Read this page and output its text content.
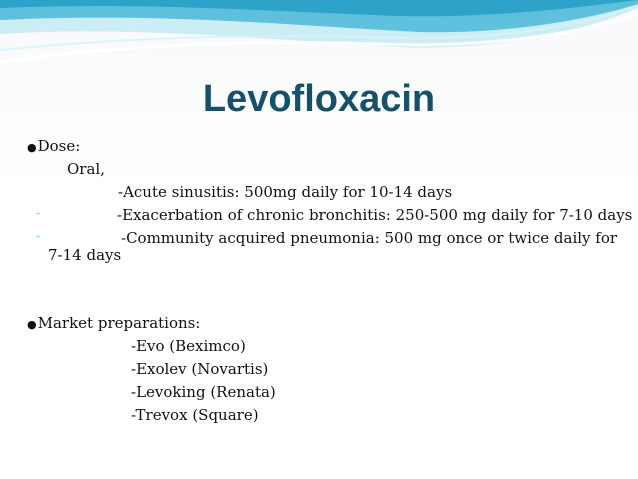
Levofloxacin
●Dose:
Oral,
-Acute sinusitis: 500mg daily for 10-14 days
-	-Exacerbation of chronic bronchitis: 250-500 mg daily for 7-10 days
-	-Community acquired pneumonia: 500 mg once or twice daily for
7-14 days
●Market preparations:
-Evo (Beximco)
-Exolev (Novartis)
-Levoking (Renata)
-Trevox (Square)
